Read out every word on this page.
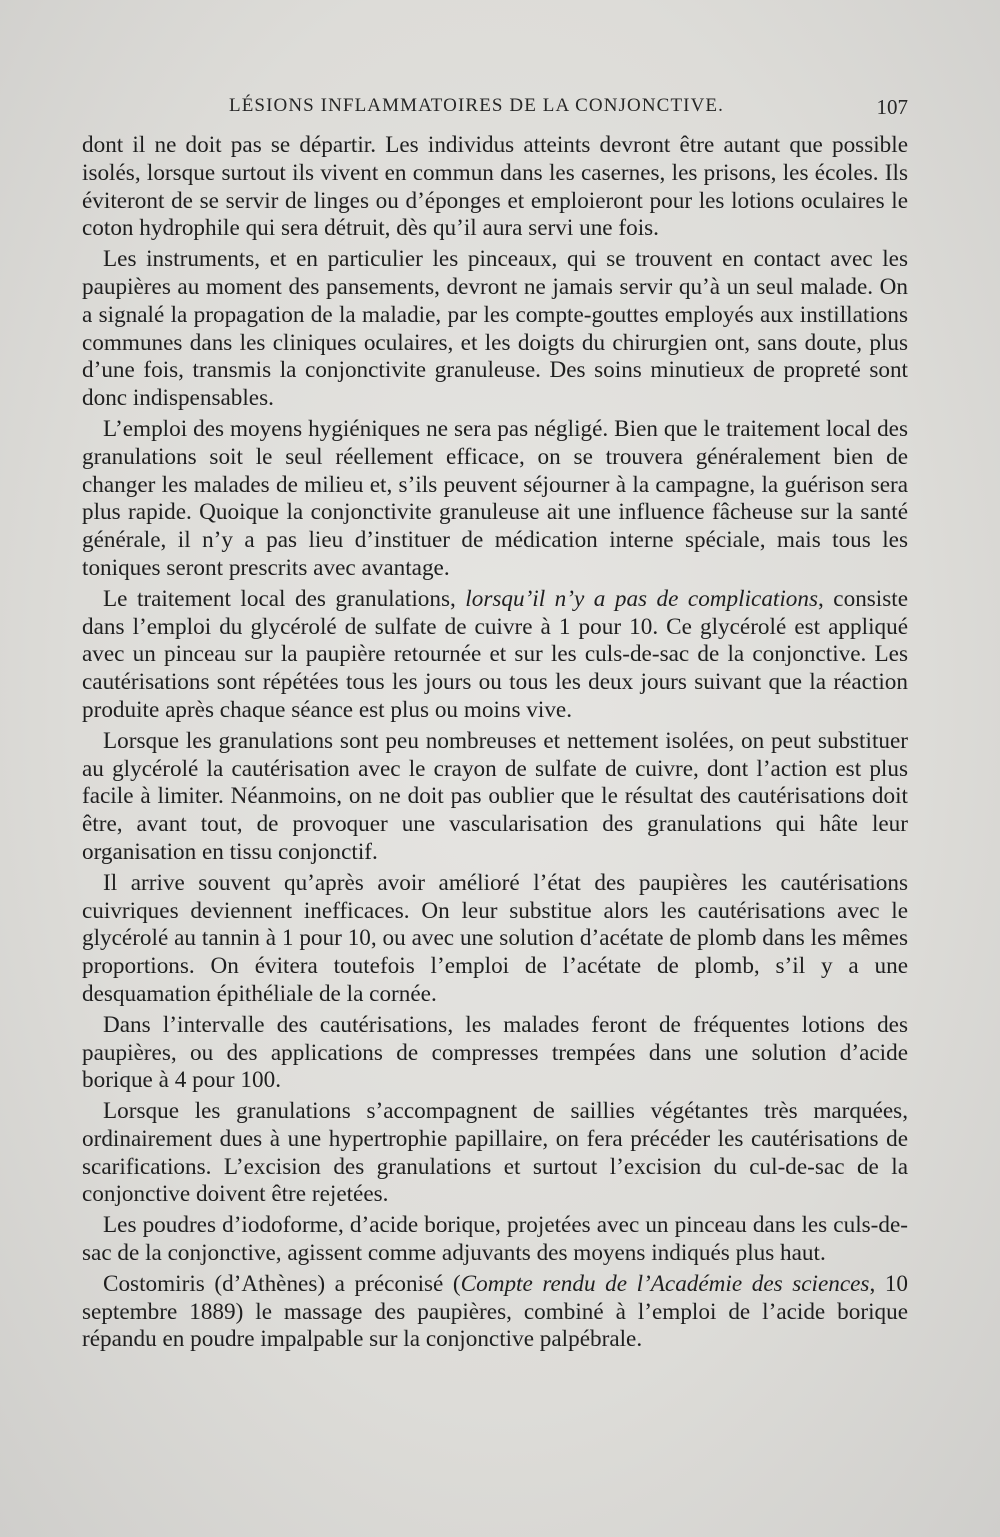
LÉSIONS INFLAMMATOIRES DE LA CONJONCTIVE.	107

dont il ne doit pas se départir. Les individus atteints devront être autant que possible isolés, lorsque surtout ils vivent en commun dans les casernes, les prisons, les écoles. Ils éviteront de se servir de linges ou d’éponges et emploieront pour les lotions oculaires le coton hydrophile qui sera détruit, dès qu’il aura servi une fois.

Les instruments, et en particulier les pinceaux, qui se trouvent en contact avec les paupières au moment des pansements, devront ne jamais servir qu’à un seul malade. On a signalé la propagation de la maladie, par les compte-gouttes employés aux instillations communes dans les cliniques oculaires, et les doigts du chirurgien ont, sans doute, plus d’une fois, transmis la conjonctivite granuleuse. Des soins minutieux de propreté sont donc indispensables.

L’emploi des moyens hygiéniques ne sera pas négligé. Bien que le traitement local des granulations soit le seul réellement efficace, on se trouvera généralement bien de changer les malades de milieu et, s’ils peuvent séjourner à la campagne, la guérison sera plus rapide. Quoique la conjonctivite granuleuse ait une influence fâcheuse sur la santé générale, il n’y a pas lieu d’instituer de médication interne spéciale, mais tous les toniques seront prescrits avec avantage.

Le traitement local des granulations, lorsqu’il n’y a pas de complications, consiste dans l’emploi du glycérolé de sulfate de cuivre à 1 pour 10. Ce glycérolé est appliqué avec un pinceau sur la paupière retournée et sur les culs-de-sac de la conjonctive. Les cautérisations sont répétées tous les jours ou tous les deux jours suivant que la réaction produite après chaque séance est plus ou moins vive.

Lorsque les granulations sont peu nombreuses et nettement isolées, on peut substituer au glycérolé la cautérisation avec le crayon de sulfate de cuivre, dont l’action est plus facile à limiter. Néanmoins, on ne doit pas oublier que le résultat des cautérisations doit être, avant tout, de provoquer une vascularisation des granulations qui hâte leur organisation en tissu conjonctif.

Il arrive souvent qu’après avoir amélioré l’état des paupières les cautérisations cuivriques deviennent inefficaces. On leur substitue alors les cautérisations avec le glycérolé au tannin à 1 pour 10, ou avec une solution d’acétate de plomb dans les mêmes proportions. On évitera toutefois l’emploi de l’acétate de plomb, s’il y a une desquamation épithéliale de la cornée.

Dans l’intervalle des cautérisations, les malades feront de fréquentes lotions des paupières, ou des applications de compresses trempées dans une solution d’acide borique à 4 pour 100.

Lorsque les granulations s’accompagnent de saillies végétantes très marquées, ordinairement dues à une hypertrophie papillaire, on fera précéder les cautérisations de scarifications. L’excision des granulations et surtout l’excision du cul-de-sac de la conjonctive doivent être rejetées.

Les poudres d’iodoforme, d’acide borique, projetées avec un pinceau dans les culs-de-sac de la conjonctive, agissent comme adjuvants des moyens indiqués plus haut.

Costomiris (d’Athènes) a préconisé (Compte rendu de l’Académie des sciences, 10 septembre 1889) le massage des paupières, combiné à l’emploi de l’acide borique répandu en poudre impalpable sur la conjonctive palpébrale.
